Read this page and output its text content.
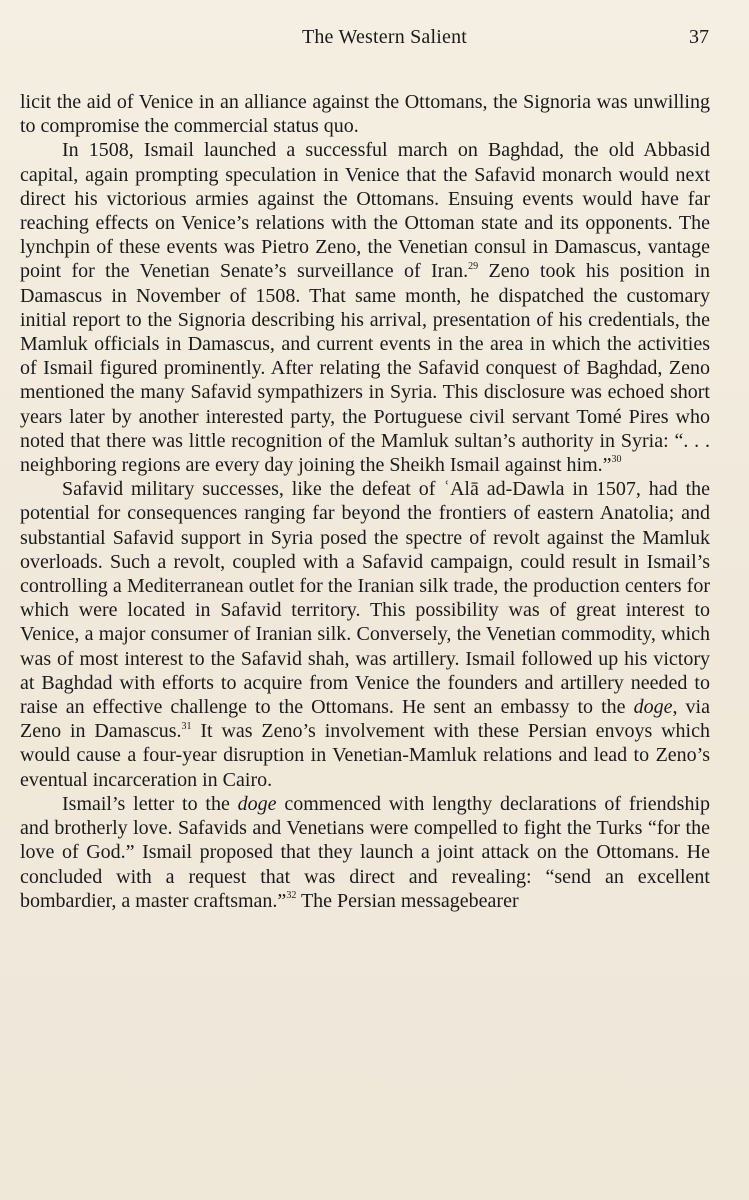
The Western Salient	37

licit the aid of Venice in an alliance against the Ottomans, the Signoria was unwilling to compromise the commercial status quo.

In 1508, Ismail launched a successful march on Baghdad, the old Abbasid capital, again prompting speculation in Venice that the Safavid monarch would next direct his victorious armies against the Ottomans. Ensuing events would have far reaching effects on Venice’s relations with the Ottoman state and its opponents. The lynchpin of these events was Pietro Zeno, the Venetian consul in Damascus, vantage point for the Venetian Senate’s surveillance of Iran.$^{29}$ Zeno took his position in Damascus in November of 1508. That same month, he dispatched the customary initial report to the Signoria describing his arrival, presentation of his credentials, the Mamluk officials in Damascus, and current events in the area in which the activities of Ismail figured prominently. After relating the Safavid conquest of Baghdad, Zeno mentioned the many Safavid sympathizers in Syria. This disclosure was echoed short years later by another interested party, the Portuguese civil servant Tomé Pires who noted that there was little recognition of the Mamluk sultan’s authority in Syria: “. . . neighboring regions are every day joining the Sheikh Ismail against him.”$^{30}$

Safavid military successes, like the defeat of ʿAlā ad-Dawla in 1507, had the potential for consequences ranging far beyond the frontiers of eastern Anatolia; and substantial Safavid support in Syria posed the spectre of revolt against the Mamluk overloads. Such a revolt, coupled with a Safavid campaign, could result in Ismail’s controlling a Mediterranean outlet for the Iranian silk trade, the production centers for which were located in Safavid territory. This possibility was of great interest to Venice, a major consumer of Iranian silk. Conversely, the Venetian commodity, which was of most interest to the Safavid shah, was artillery. Ismail followed up his victory at Baghdad with efforts to acquire from Venice the founders and artillery needed to raise an effective challenge to the Ottomans. He sent an embassy to the doge, via Zeno in Damascus.$^{31}$ It was Zeno’s involvement with these Persian envoys which would cause a four-year disruption in Venetian-Mamluk relations and lead to Zeno’s eventual incarceration in Cairo.

Ismail’s letter to the doge commenced with lengthy declarations of friendship and brotherly love. Safavids and Venetians were compelled to fight the Turks “for the love of God.” Ismail proposed that they launch a joint attack on the Ottomans. He concluded with a request that was direct and revealing: “send an excellent bombardier, a master craftsman.”$^{32}$ The Persian messagebearer
